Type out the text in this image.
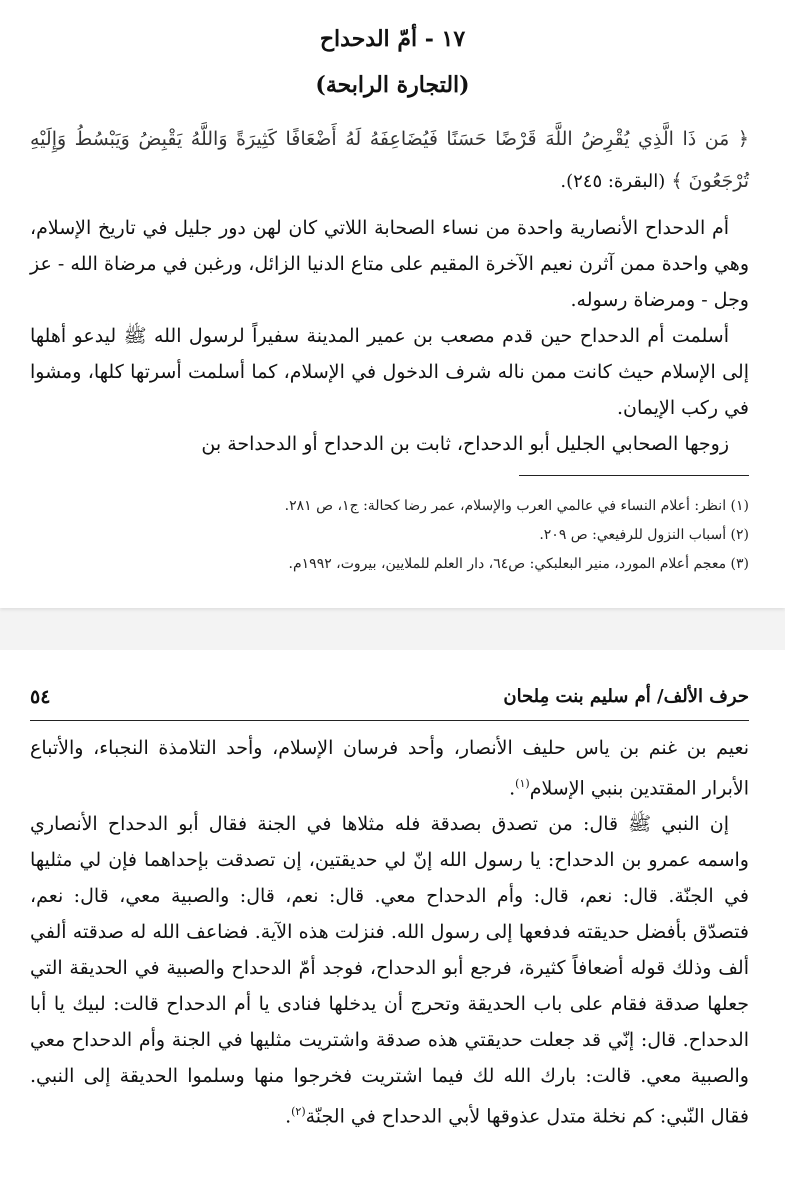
١٧ - أمّ الدحداح
(التجارة الرابحة)
﴿ مَن ذَا الَّذِي يُقْرِضُ اللَّهَ قَرْضًا حَسَنًا فَيُضَاعِفَهُ لَهُ أَضْعَافًا كَثِيرَةً وَاللَّهُ يَقْبِضُ وَيَبْسُطُ وَإِلَيْهِ تُرْجَعُونَ ﴾ (البقرة: ٢٤٥).

أم الدحداح الأنصارية واحدة من نساء الصحابة اللاتي كان لهن دور جليل في تاريخ الإسلام، وهي واحدة ممن آثرن نعيم الآخرة المقيم على متاع الدنيا الزائل، ورغبن في مرضاة الله - عز وجل - ومرضاة رسوله.

أسلمت أم الدحداح حين قدم مصعب بن عمير المدينة سفيراً لرسول الله ﷺ ليدعو أهلها إلى الإسلام حيث كانت ممن ناله شرف الدخول في الإسلام، كما أسلمت أسرتها كلها، ومشوا في ركب الإيمان.

زوجها الصحابي الجليل أبو الدحداح، ثابت بن الدحداح أو الدحداحة بن

(١) انظر: أعلام النساء في عالمي العرب والإسلام، عمر رضا كحالة: ج١، ص ٢٨١.
(٢) أسباب النزول للرفيعي: ص ٢٠٩.
(٣) معجم أعلام المورد، منير البعلبكي: ص٦٤، دار العلم للملايين، بيروت، ١٩٩٢م.
حرف الألف/ أم سليم بنت مِلحان
٥٤

نعيم بن غنم بن ياس حليف الأنصار، وأحد فرسان الإسلام، وأحد التلامذة النجباء، والأتباع الأبرار المقتدين بنبي الإسلام$^{(١)}$.

إن النبي ﷺ قال: من تصدق بصدقة فله مثلاها في الجنة فقال أبو الدحداح الأنصاري واسمه عمرو بن الدحداح: يا رسول الله إنّ لي حديقتين، إن تصدقت بإحداهما فإن لي مثليها في الجنّة. قال: نعم، قال: وأم الدحداح معي. قال: نعم، قال: والصبية معي، قال: نعم، فتصدّق بأفضل حديقته فدفعها إلى رسول الله. فنزلت هذه الآية. فضاعف الله له صدقته ألفي ألف وذلك قوله أضعافاً كثيرة، فرجع أبو الدحداح، فوجد أمّ الدحداح والصبية في الحديقة التي جعلها صدقة فقام على باب الحديقة وتحرج أن يدخلها فنادى يا أم الدحداح قالت: لبيك يا أبا الدحداح. قال: إنّي قد جعلت حديقتي هذه صدقة واشتريت مثليها في الجنة وأم الدحداح معي والصبية معي. قالت: بارك الله لك فيما اشتريت فخرجوا منها وسلموا الحديقة إلى النبي. فقال النّبي: كم نخلة متدل عذوقها لأبي الدحداح في الجنّة$^{(٢)}$.
